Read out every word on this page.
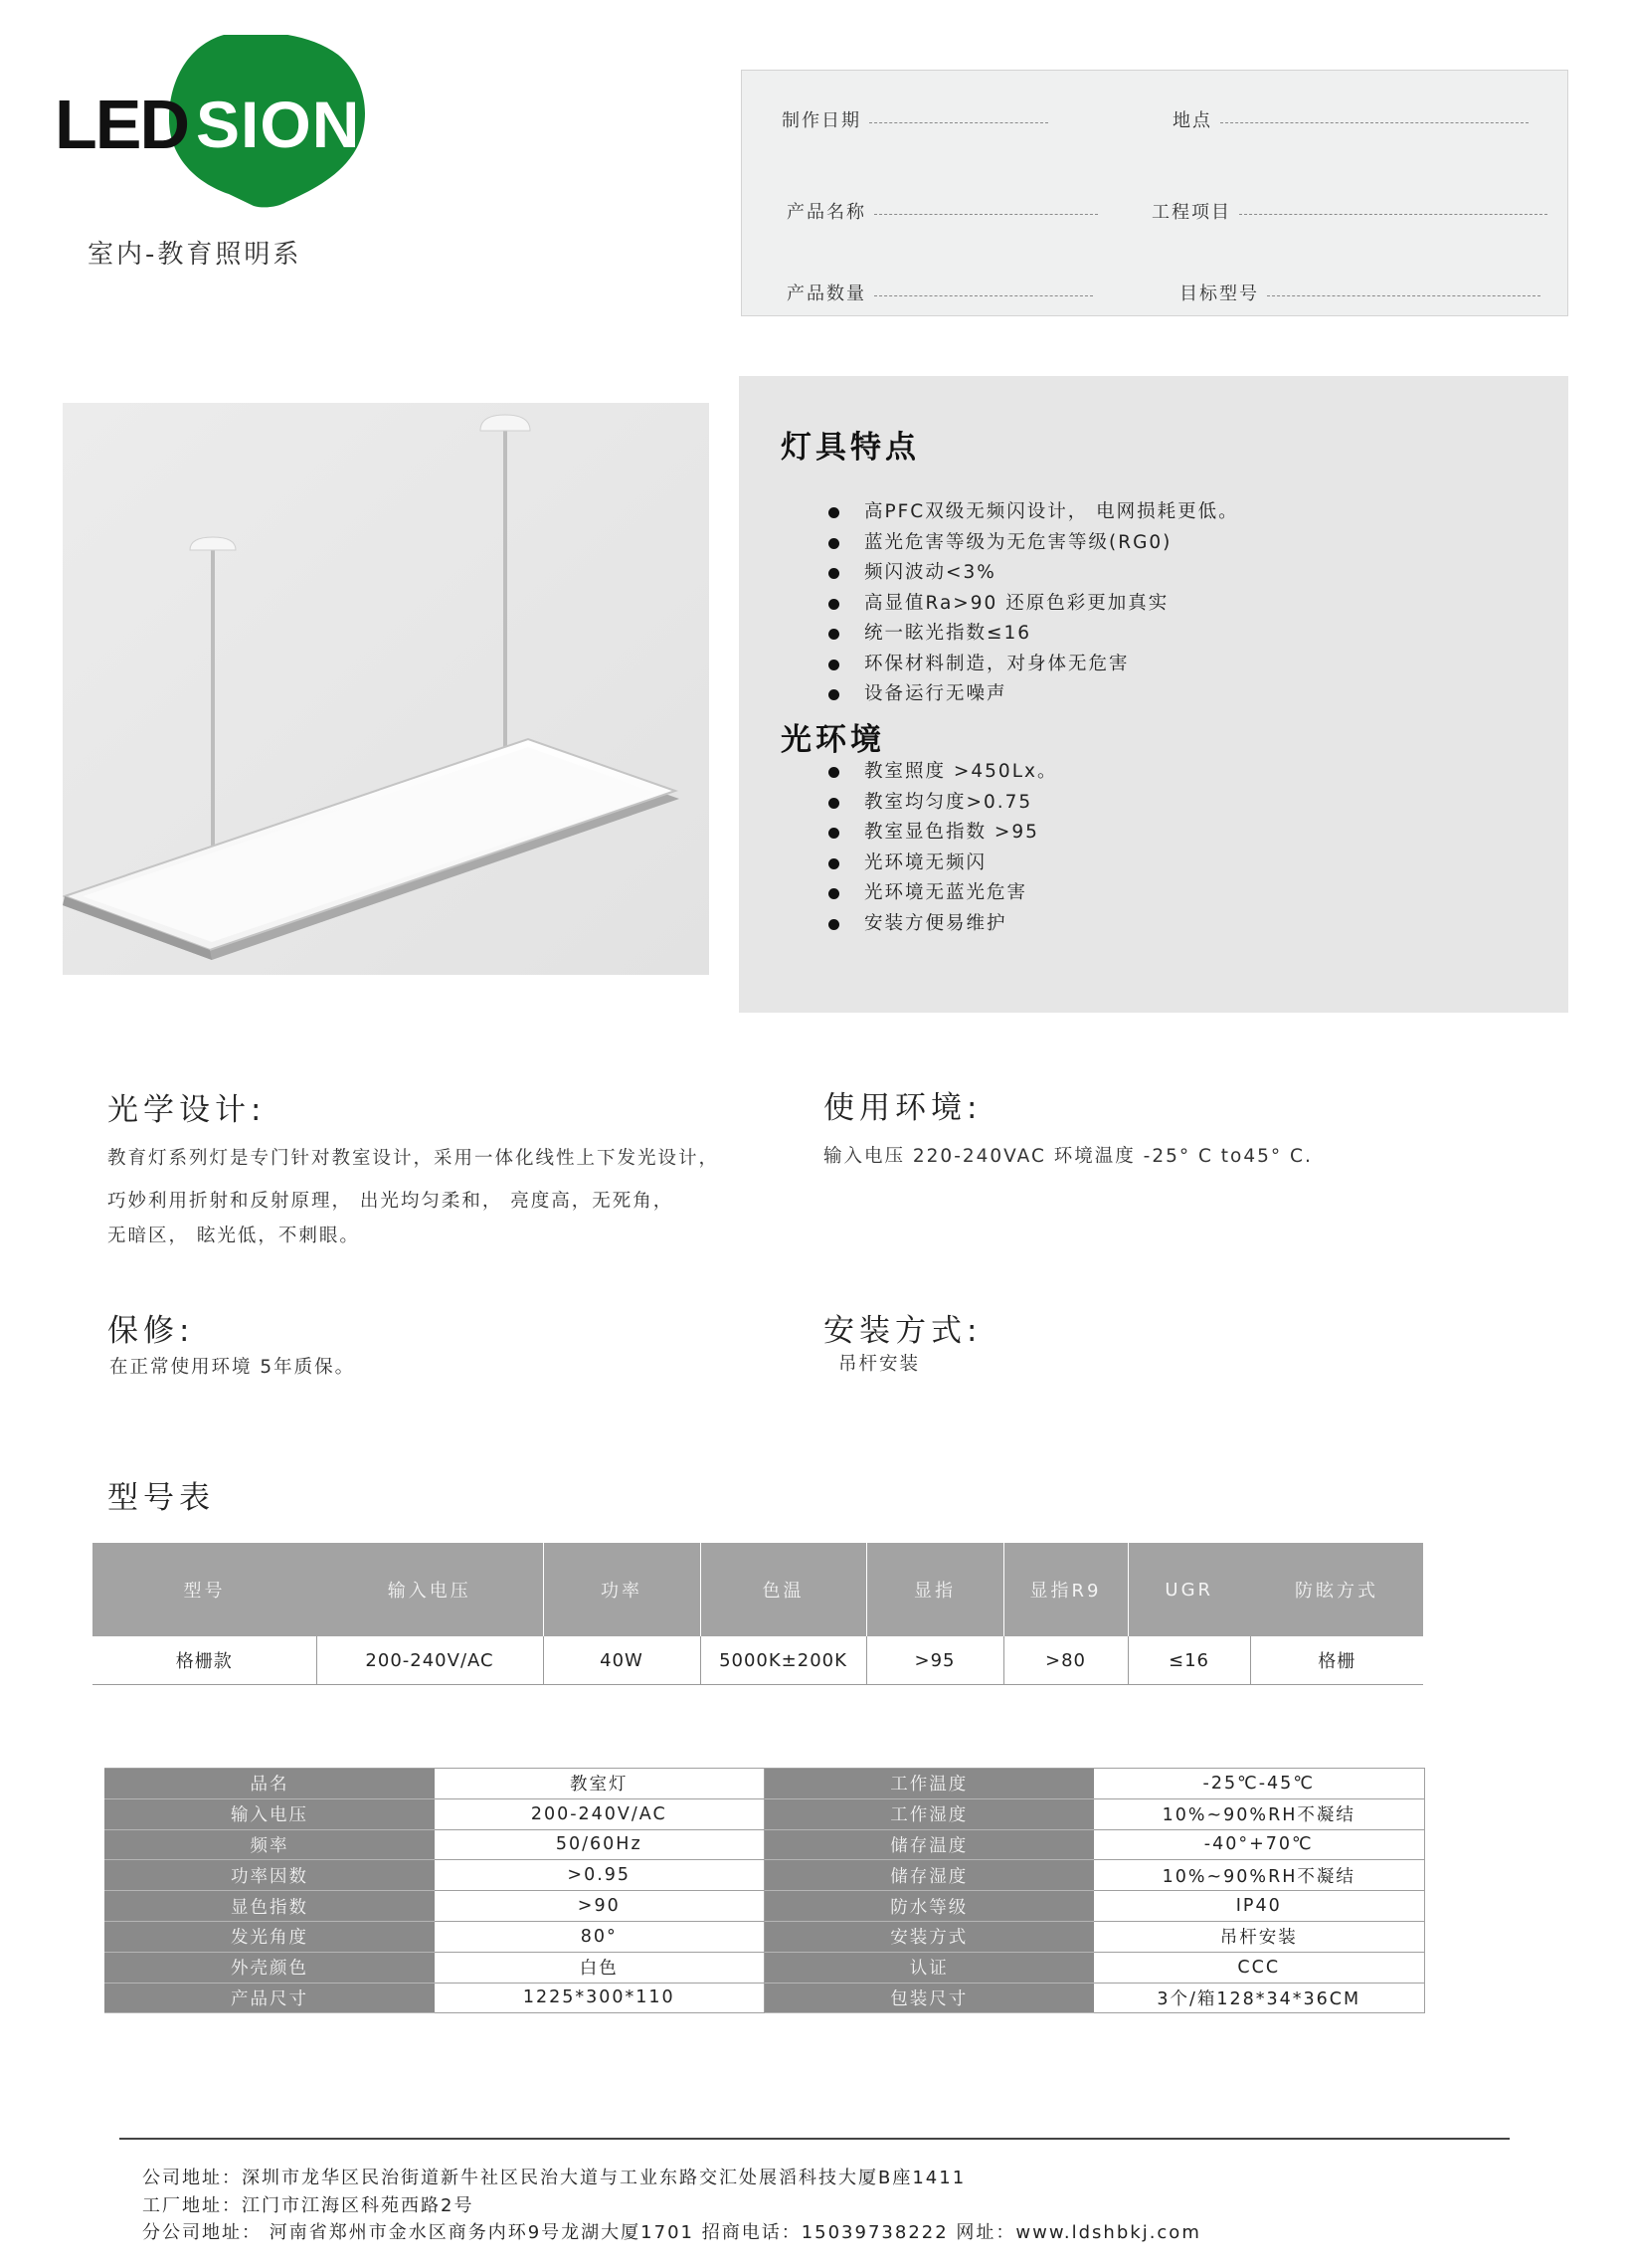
LED SION
室内-教育照明系
制作日期	地点
产品名称	工程项目
产品数量	目标型号
灯具特点
高PFC双级无频闪设计， 电网损耗更低。
蓝光危害等级为无危害等级(RG0)
频闪波动<3%
高显值Ra>90 还原色彩更加真实
统一眩光指数≤16
环保材料制造，对身体无危害
设备运行无噪声
光环境
教室照度 >450Lx。
教室均匀度>0.75
教室显色指数 >95
光环境无频闪
光环境无蓝光危害
安装方便易维护
光学设计:
教育灯系列灯是专门针对教室设计，采用一体化线性上下发光设计，
巧妙利用折射和反射原理， 出光均匀柔和， 亮度高，无死角，
无暗区， 眩光低，不刺眼。
使用环境:
输入电压 220-240VAC 环境温度 -25° C to45° C.
保修:
在正常使用环境 5年质保。
安装方式:
吊杆安装
型号表
型号	输入电压	功率	色温	显指	显指R9	UGR	防眩方式
格栅款	200-240V/AC	40W	5000K±200K	>95	>80	≤16	格栅
品名	教室灯	工作温度	-25℃-45℃
输入电压	200-240V/AC	工作湿度	10%~90%RH不凝结
频率	50/60Hz	储存温度	-40°+70℃
功率因数	>0.95	储存湿度	10%~90%RH不凝结
显色指数	>90	防水等级	IP40
发光角度	80°	安装方式	吊杆安装
外壳颜色	白色	认证	CCC
产品尺寸	1225*300*110	包装尺寸	3个/箱128*34*36CM
公司地址：深圳市龙华区民治街道新牛社区民治大道与工业东路交汇处展滔科技大厦B座1411
工厂地址：江门市江海区科苑西路2号
分公司地址： 河南省郑州市金水区商务内环9号龙湖大厦1701 招商电话：15039738222 网址：www.ldshbkj.com
